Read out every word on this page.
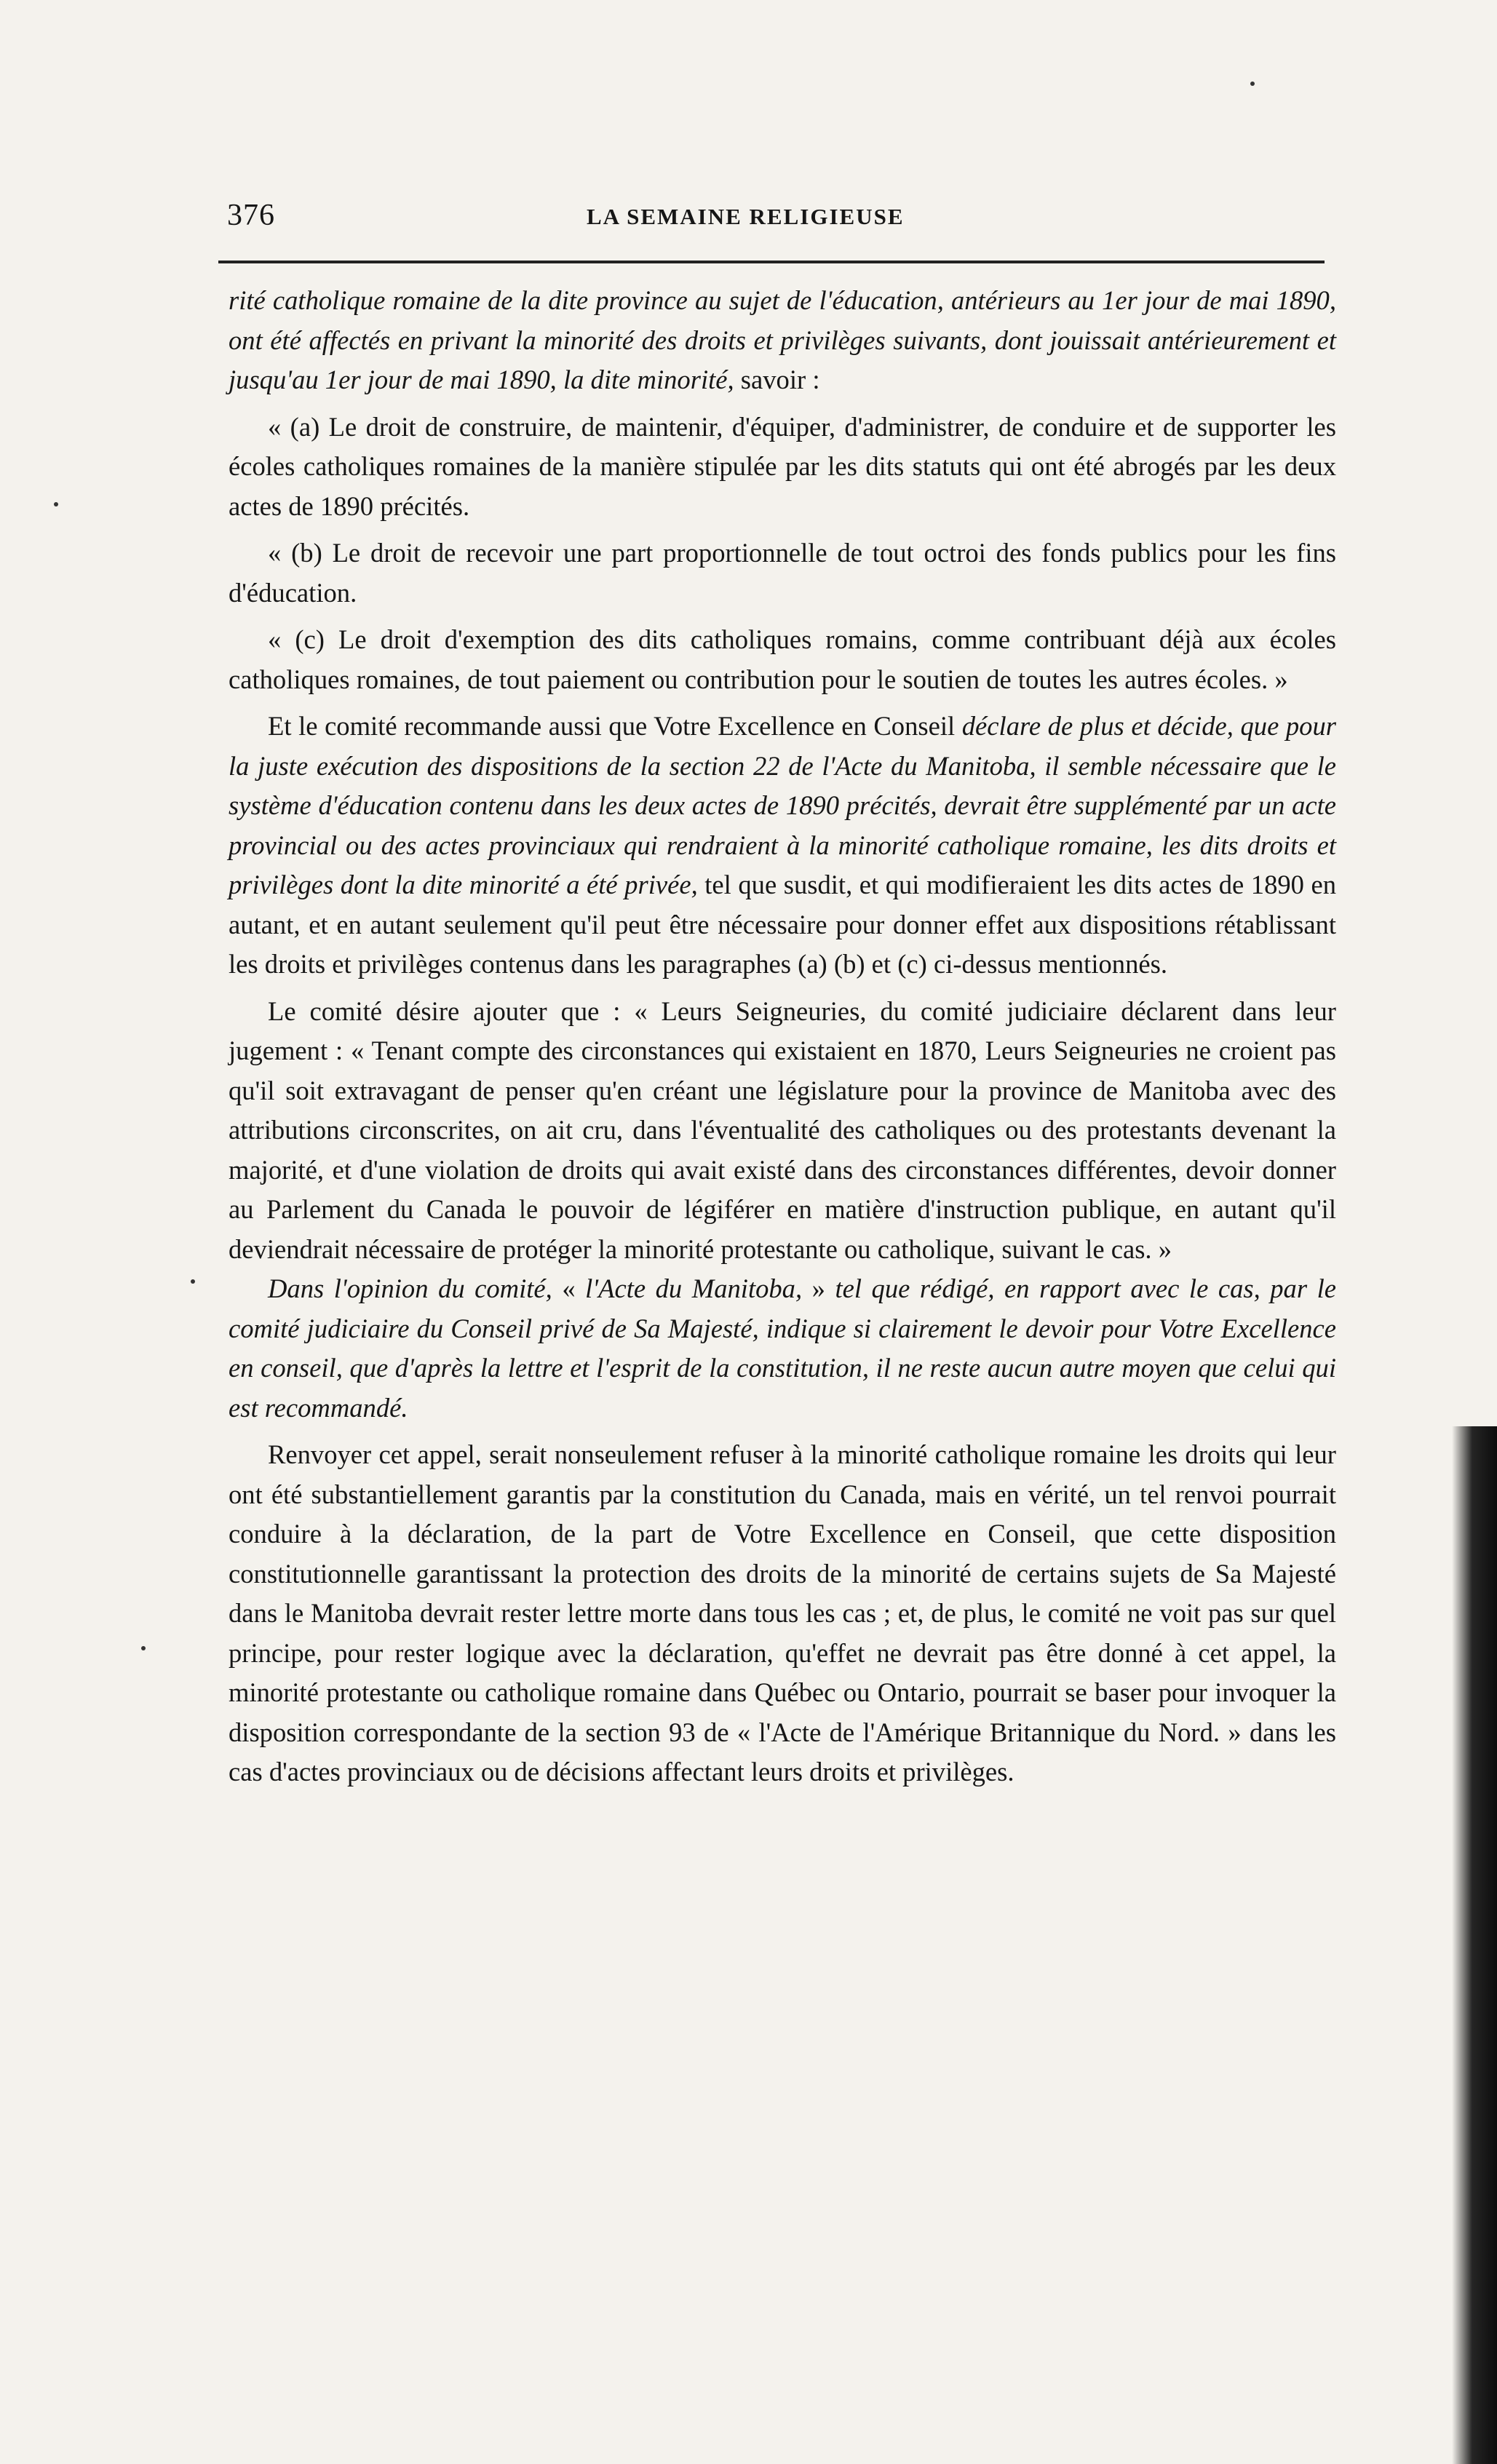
376	LA SEMAINE RELIGIEUSE

rité catholique romaine de la dite province au sujet de l'éducation, antérieurs au 1er jour de mai 1890, ont été affectés en privant la minorité des droits et privilèges suivants, dont jouissait antérieurement et jusqu'au 1er jour de mai 1890, la dite minorité, savoir :

« (a) Le droit de construire, de maintenir, d'équiper, d'administrer, de conduire et de supporter les écoles catholiques romaines de la manière stipulée par les dits statuts qui ont été abrogés par les deux actes de 1890 précités.

« (b) Le droit de recevoir une part proportionnelle de tout octroi des fonds publics pour les fins d'éducation.

« (c) Le droit d'exemption des dits catholiques romains, comme contribuant déjà aux écoles catholiques romaines, de tout paiement ou contribution pour le soutien de toutes les autres écoles. »

Et le comité recommande aussi que Votre Excellence en Conseil déclare de plus et décide, que pour la juste exécution des dispositions de la section 22 de l'Acte du Manitoba, il semble nécessaire que le système d'éducation contenu dans les deux actes de 1890 précités, devrait être supplémenté par un acte provincial ou des actes provinciaux qui rendraient à la minorité catholique romaine, les dits droits et privilèges dont la dite minorité a été privée, tel que susdit, et qui modifieraient les dits actes de 1890 en autant, et en autant seulement qu'il peut être nécessaire pour donner effet aux dispositions rétablissant les droits et privilèges contenus dans les paragraphes (a) (b) et (c) ci-dessus mentionnés.

Le comité désire ajouter que : « Leurs Seigneuries, du comité judiciaire déclarent dans leur jugement : « Tenant compte des circonstances qui existaient en 1870, Leurs Seigneuries ne croient pas qu'il soit extravagant de penser qu'en créant une législature pour la province de Manitoba avec des attributions circonscrites, on ait cru, dans l'éventualité des catholiques ou des protestants devenant la majorité, et d'une violation de droits qui avait existé dans des circonstances différentes, devoir donner au Parlement du Canada le pouvoir de légiférer en matière d'instruction publique, en autant qu'il deviendrait nécessaire de protéger la minorité protestante ou catholique, suivant le cas. »

Dans l'opinion du comité, « l'Acte du Manitoba, » tel que rédigé, en rapport avec le cas, par le comité judiciaire du Conseil privé de Sa Majesté, indique si clairement le devoir pour Votre Excellence en conseil, que d'après la lettre et l'esprit de la constitution, il ne reste aucun autre moyen que celui qui est recommandé.

Renvoyer cet appel, serait nonseulement refuser à la minorité catholique romaine les droits qui leur ont été substantiellement garantis par la constitution du Canada, mais en vérité, un tel renvoi pourrait conduire à la déclaration, de la part de Votre Excellence en Conseil, que cette disposition constitutionnelle garantissant la protection des droits de la minorité de certains sujets de Sa Majesté dans le Manitoba devrait rester lettre morte dans tous les cas ; et, de plus, le comité ne voit pas sur quel principe, pour rester logique avec la déclaration, qu'effet ne devrait pas être donné à cet appel, la minorité protestante ou catholique romaine dans Québec ou Ontario, pourrait se baser pour invoquer la disposition correspondante de la section 93 de « l'Acte de l'Amérique Britannique du Nord. » dans les cas d'actes provinciaux ou de décisions affectant leurs droits et privilèges.
